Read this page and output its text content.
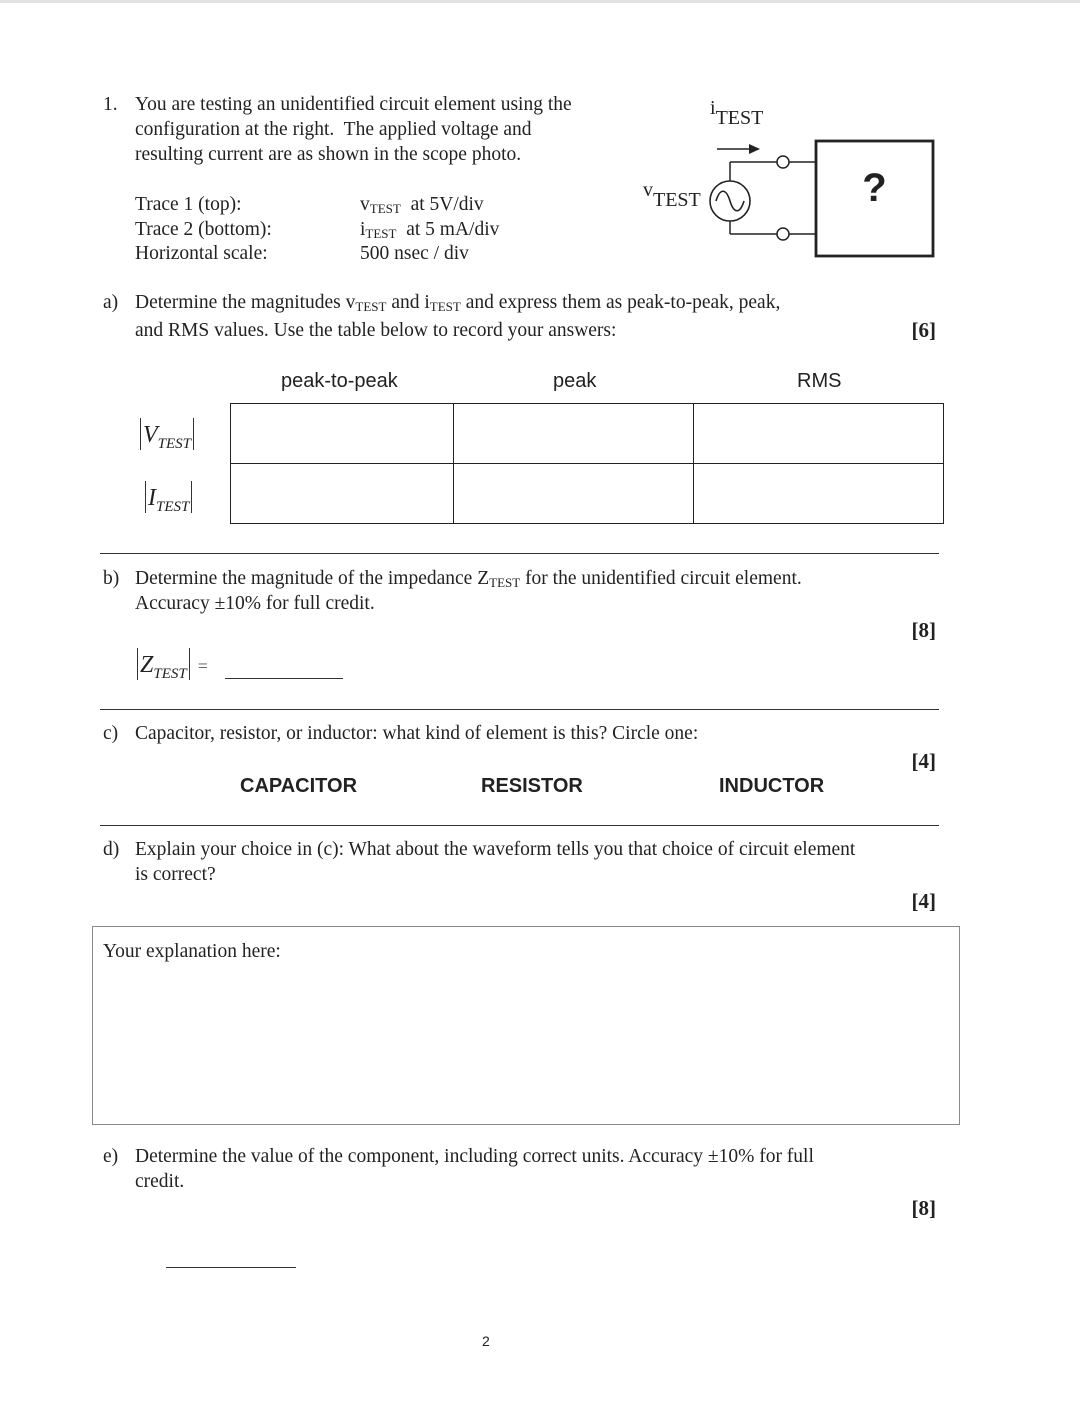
1. You are testing an unidentified circuit element using the
configuration at the right.  The applied voltage and
resulting current are as shown in the scope photo.
Trace 1 (top):	$v_{TEST}$ at 5V/div
Trace 2 (bottom):	$i_{TEST}$ at 5 mA/div
Horizontal scale:	500 nsec / div
iTEST
vTEST	?
a) Determine the magnitudes $v_{TEST}$ and $i_{TEST}$ and express them as peak-to-peak, peak,
and RMS values. Use the table below to record your answers:	[6]
peak-to-peak	peak	RMS
$V_{TEST}$
$I_{TEST}$

b) Determine the magnitude of the impedance $Z_{TEST}$ for the unidentified circuit element.
Accuracy ±10% for full credit.
[8]
$Z_{TEST}$ =
c) Capacitor, resistor, or inductor: what kind of element is this? Circle one:
[4]
CAPACITOR	RESISTOR	INDUCTOR
d) Explain your choice in (c): What about the waveform tells you that choice of circuit element
is correct?
[4]
Your explanation here:
e) Determine the value of the component, including correct units. Accuracy ±10% for full
credit.
[8]
2
